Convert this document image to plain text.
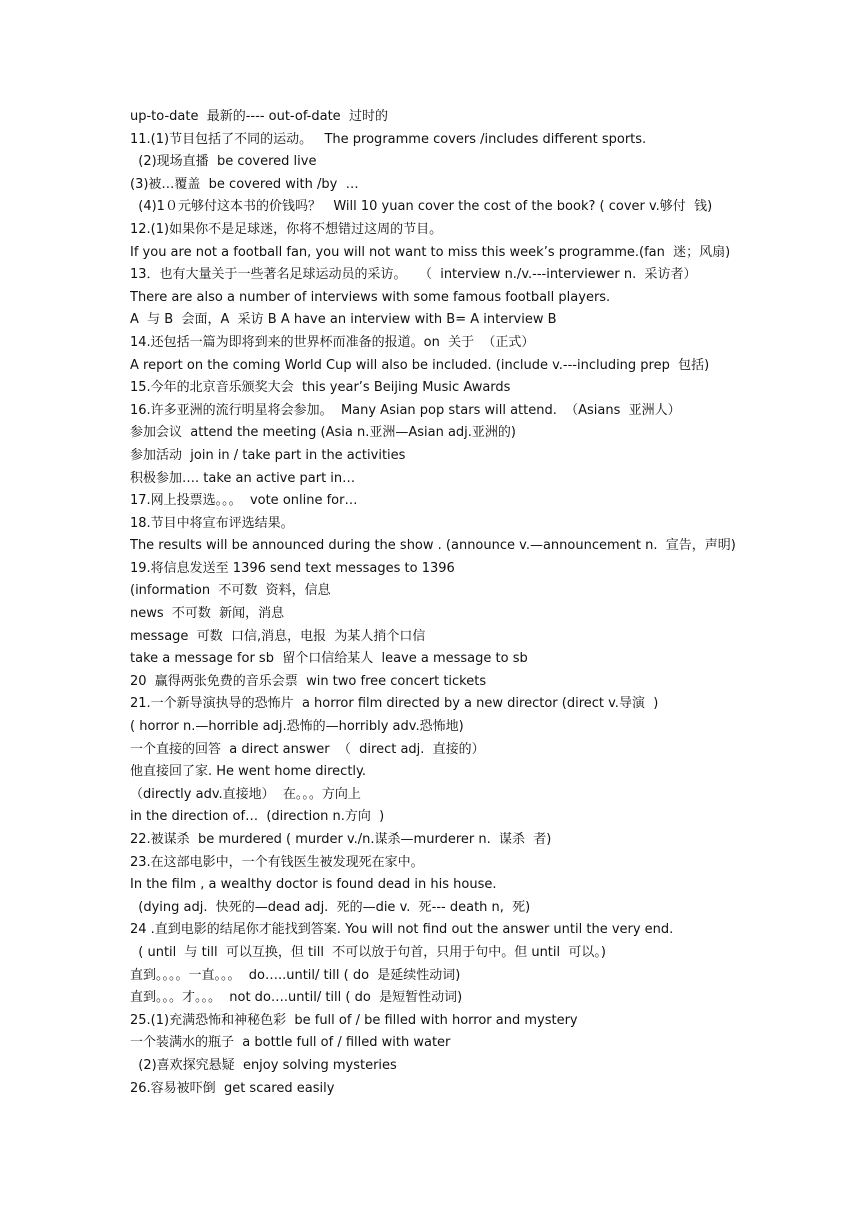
up-to-date  最新的---- out-of-date  过时的
11.(1)节目包括了不同的运动。   The programme covers /includes different sports.
(2)现场直播  be covered live
(3)被…覆盖  be covered with /by  …
(4)1０元够付这本书的价钱吗？   Will 10 yuan cover the cost of the book? ( cover v.够付  钱)
12.(1)如果你不是足球迷，你将不想错过这周的节目。
If you are not a football fan, you will not want to miss this week’s programme.(fan  迷；风扇)
13．也有大量关于一些著名足球运动员的采访。   （  interview n./v.---interviewer n.  采访者）
There are also a number of interviews with some famous football players.
A  与 B  会面，A  采访 B A have an interview with B= A interview B
14.还包括一篇为即将到来的世界杯而准备的报道。on  关于  （正式）
A report on the coming World Cup will also be included. (include v.---including prep  包括)
15.今年的北京音乐颁奖大会  this year’s Beijing Music Awards
16.许多亚洲的流行明星将会参加。  Many Asian pop stars will attend.  （Asians  亚洲人）
参加会议  attend the meeting (Asia n.亚洲—Asian adj.亚洲的)
参加活动  join in / take part in the activities
积极参加…. take an active part in…
17.网上投票选。。。  vote online for…
18.节目中将宣布评选结果。
The results will be announced during the show . (announce v.—announcement n.  宣告，声明)
19.将信息发送至 1396 send text messages to 1396
(information  不可数  资料，信息
news  不可数  新闻，消息
message  可数  口信,消息，电报  为某人捎个口信
take a message for sb  留个口信给某人  leave a message to sb
20  赢得两张免费的音乐会票  win two free concert tickets
21.一个新导演执导的恐怖片  a horror film directed by a new director (direct v.导演  )
( horror n.—horrible adj.恐怖的—horribly adv.恐怖地)
一个直接的回答  a direct answer  （  direct adj.  直接的）
他直接回了家. He went home directly.
（directly adv.直接地）  在。。。方向上
in the direction of…  (direction n.方向  )
22.被谋杀  be murdered ( murder v./n.谋杀—murderer n.  谋杀  者)
23.在这部电影中，一个有钱医生被发现死在家中。
In the film , a wealthy doctor is found dead in his house.
(dying adj.  快死的—dead adj.  死的—die v.  死--- death n,  死)
24 .直到电影的结尾你才能找到答案. You will not find out the answer until the very end.
( until  与 till  可以互换，但 till  不可以放于句首，只用于句中。但 until  可以。)
直到。。。。一直。。。  do…..until/ till ( do  是延续性动词)
直到。。。才。。。  not do….until/ till ( do  是短暂性动词)
25.(1)充满恐怖和神秘色彩  be full of / be filled with horror and mystery
一个装满水的瓶子  a bottle full of / filled with water
(2)喜欢探究悬疑  enjoy solving mysteries
26.容易被吓倒  get scared easily
